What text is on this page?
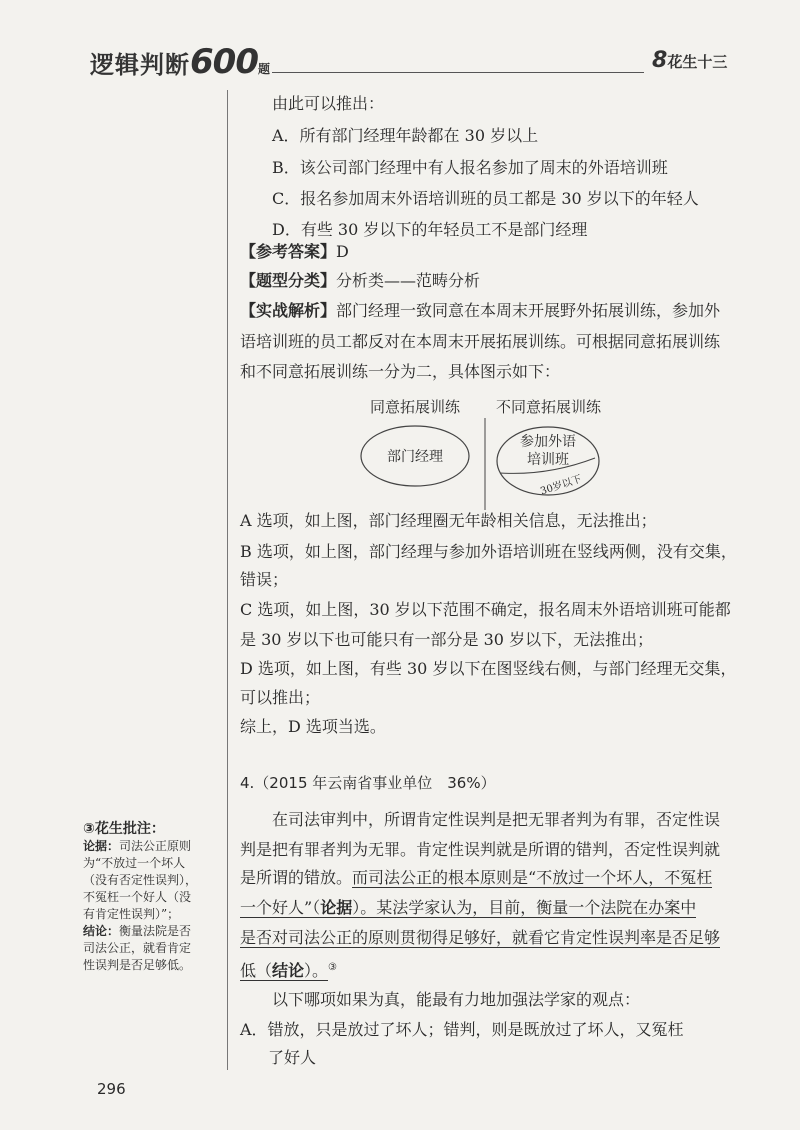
逻辑判断600题	8花生十三
由此可以推出：
A．所有部门经理年龄都在 30 岁以上
B．该公司部门经理中有人报名参加了周末的外语培训班
C．报名参加周末外语培训班的员工都是 30 岁以下的年轻人
D．有些 30 岁以下的年轻员工不是部门经理
【参考答案】D
【题型分类】分析类——范畴分析
【实战解析】部门经理一致同意在本周末开展野外拓展训练，参加外
语培训班的员工都反对在本周末开展拓展训练。可根据同意拓展训练
和不同意拓展训练一分为二，具体图示如下：
同意拓展训练 不同意拓展训练
部门经理
参加外语
培训班
30岁以下
A 选项，如上图，部门经理圈无年龄相关信息，无法推出；
B 选项，如上图，部门经理与参加外语培训班在竖线两侧，没有交集，
错误；
C 选项，如上图，30 岁以下范围不确定，报名周末外语培训班可能都
是 30 岁以下也可能只有一部分是 30 岁以下，无法推出；
D 选项，如上图，有些 30 岁以下在图竖线右侧，与部门经理无交集，
可以推出；
综上，D 选项当选。
4.（2015 年云南省事业单位　36%）
在司法审判中，所谓肯定性误判是把无罪者判为有罪，否定性误
判是把有罪者判为无罪。肯定性误判就是所谓的错判，否定性误判就
是所谓的错放。而司法公正的根本原则是“不放过一个坏人，不冤枉
一个好人”（论据）。某法学家认为，目前，衡量一个法院在办案中
是否对司法公正的原则贯彻得足够好，就看它肯定性误判率是否足够
低（结论）。③
以下哪项如果为真，能最有力地加强法学家的观点：
A．错放，只是放过了坏人；错判，则是既放过了坏人，又冤枉
了好人
③花生批注：
论据：司法公正原则
为“不放过一个坏人
（没有否定性误判），
不冤枉一个好人（没
有肯定性误判）”；
结论：衡量法院是否
司法公正，就看肯定
性误判是否足够低。
296
